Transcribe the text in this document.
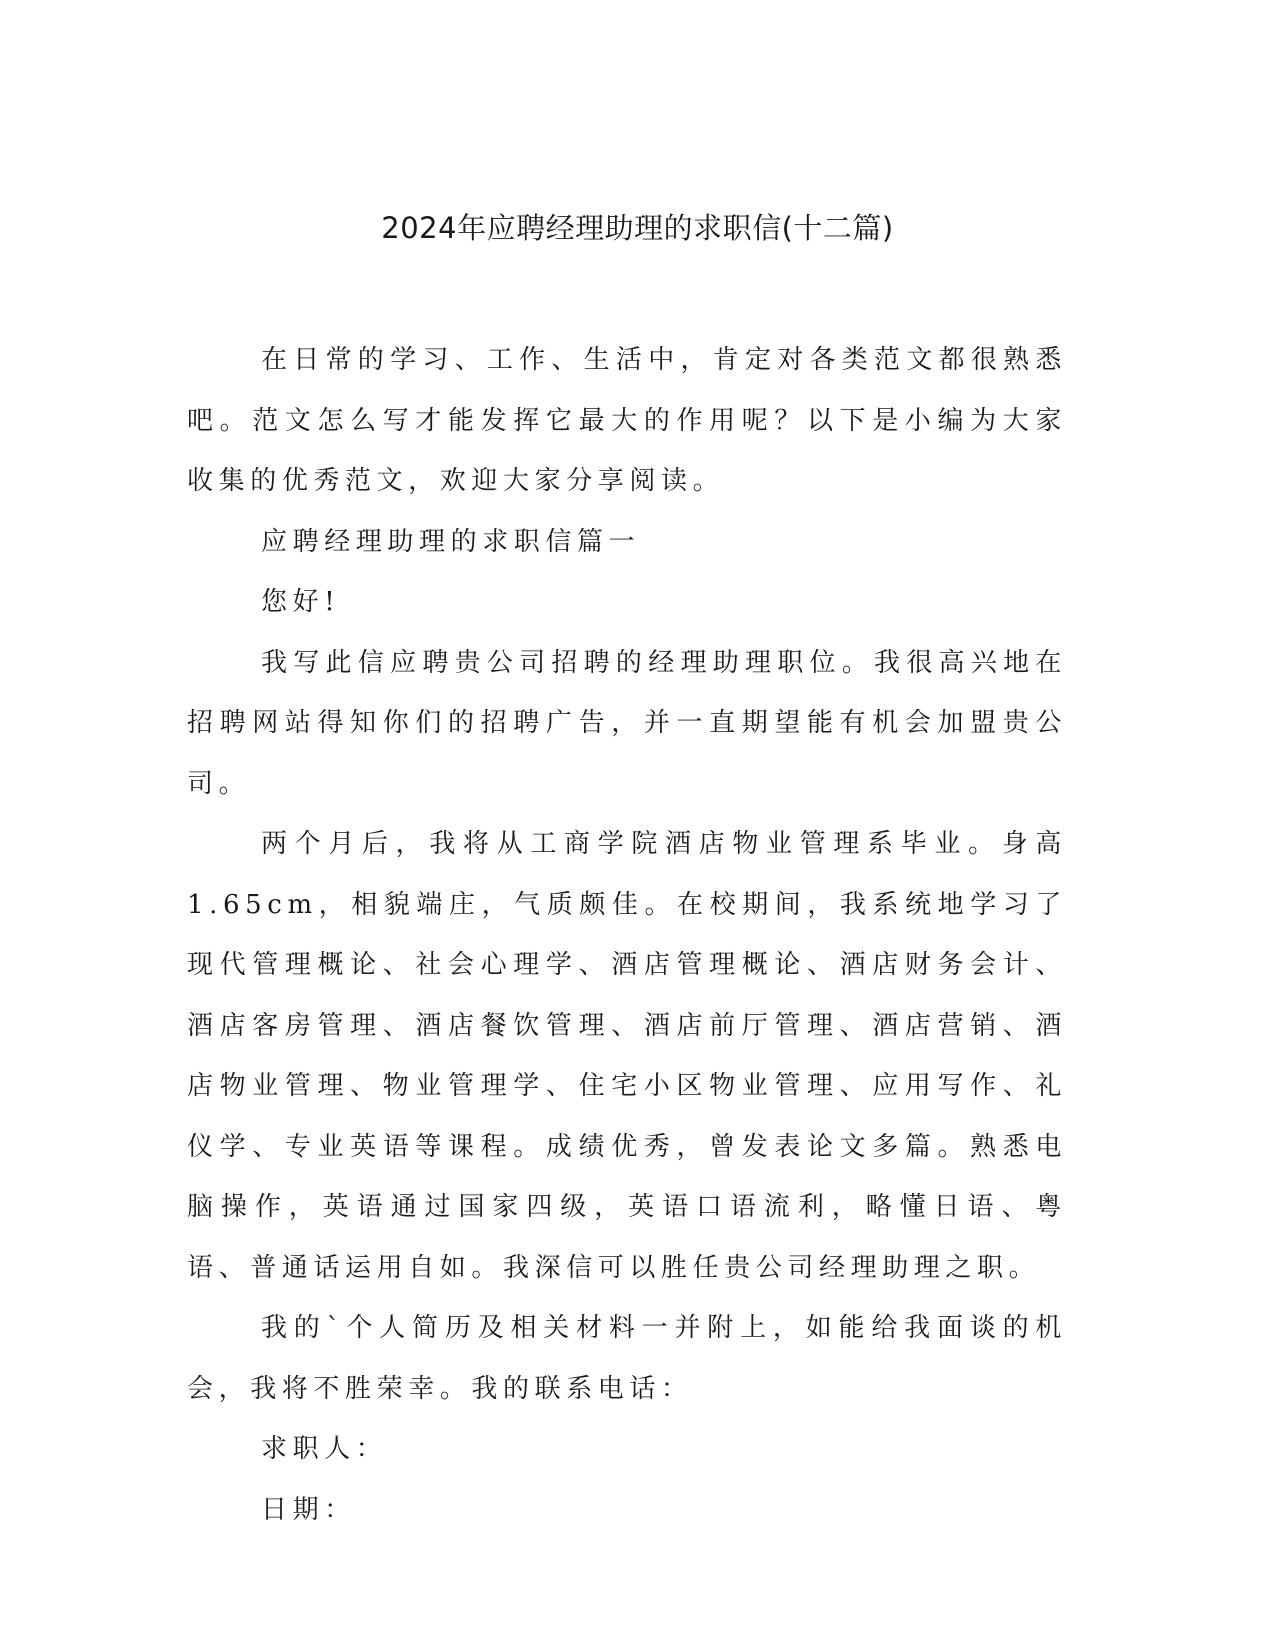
2024年应聘经理助理的求职信(十二篇)

在日常的学习、工作、生活中，肯定对各类范文都很熟悉吧。范文怎么写才能发挥它最大的作用呢？以下是小编为大家收集的优秀范文，欢迎大家分享阅读。

应聘经理助理的求职信篇一

您好!

我写此信应聘贵公司招聘的经理助理职位。我很高兴地在招聘网站得知你们的招聘广告，并一直期望能有机会加盟贵公司。

两个月后，我将从工商学院酒店物业管理系毕业。身高1.65cm，相貌端庄，气质颇佳。在校期间，我系统地学习了现代管理概论、社会心理学、酒店管理概论、酒店财务会计、酒店客房管理、酒店餐饮管理、酒店前厅管理、酒店营销、酒店物业管理、物业管理学、住宅小区物业管理、应用写作、礼仪学、专业英语等课程。成绩优秀，曾发表论文多篇。熟悉电脑操作，英语通过国家四级，英语口语流利，略懂日语、粤语、普通话运用自如。我深信可以胜任贵公司经理助理之职。

我的`个人简历及相关材料一并附上，如能给我面谈的机会，我将不胜荣幸。我的联系电话：

求职人：

日期：
